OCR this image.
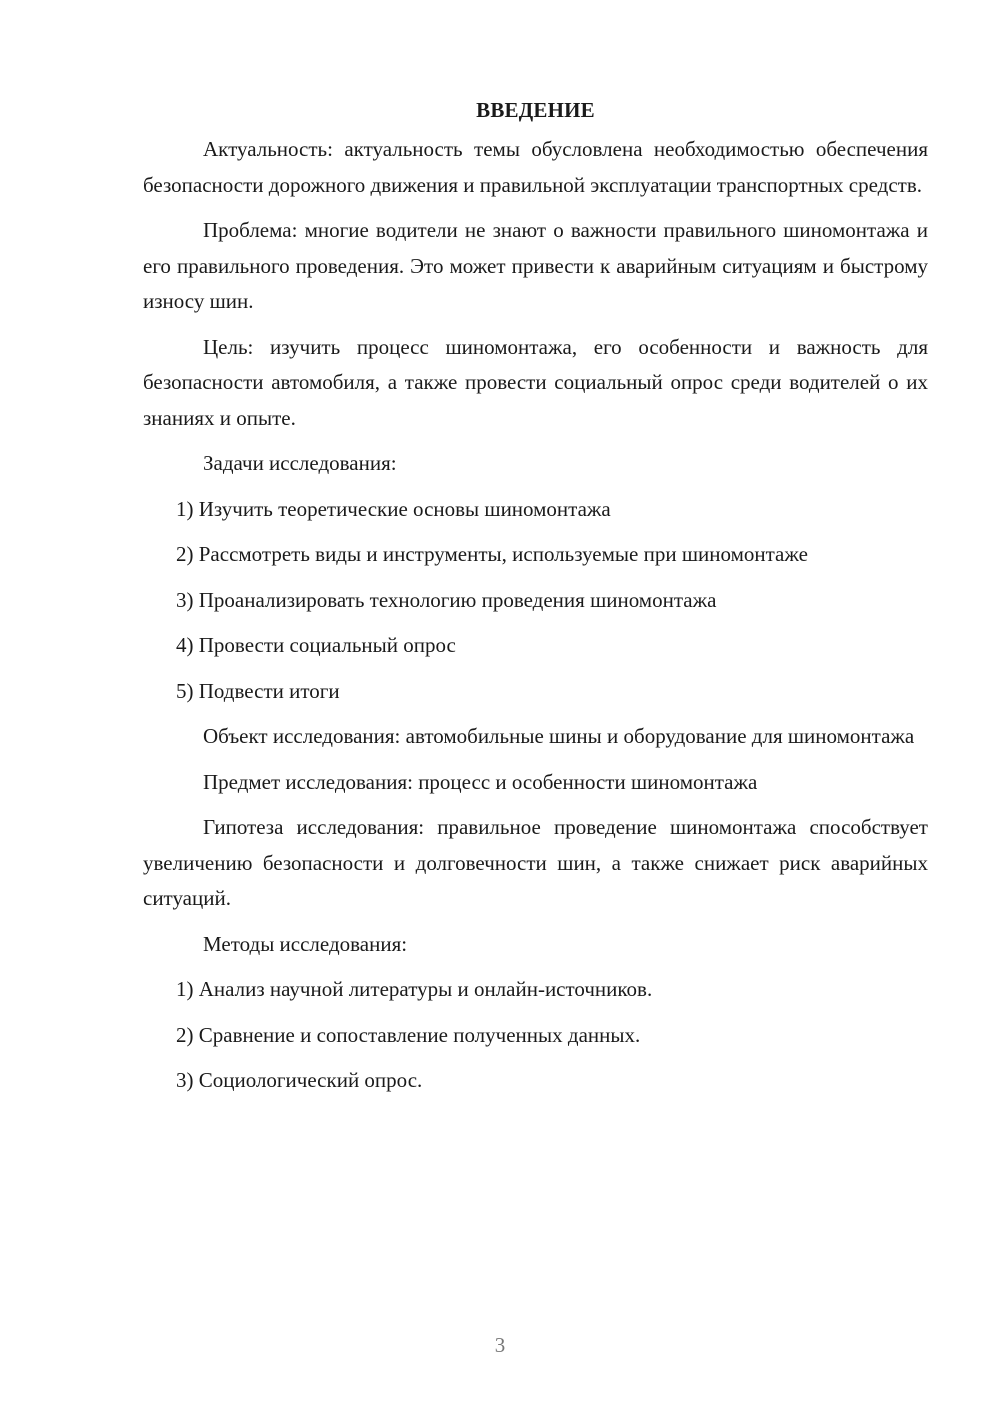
ВВЕДЕНИЕ

Актуальность: актуальность темы обусловлена необходимостью обеспечения безопасности дорожного движения и правильной эксплуатации транспортных средств.

Проблема: многие водители не знают о важности правильного шиномонтажа и его правильного проведения. Это может привести к аварийным ситуациям и быстрому износу шин.

Цель: изучить процесс шиномонтажа, его особенности и важность для безопасности автомобиля, а также провести социальный опрос среди водителей о их знаниях и опыте.

Задачи исследования:

1) Изучить теоретические основы шиномонтажа
2) Рассмотреть виды и инструменты, используемые при шиномонтаже
3) Проанализировать технологию проведения шиномонтажа
4) Провести социальный опрос
5) Подвести итоги

Объект исследования: автомобильные шины и оборудование для шиномонтажа

Предмет исследования: процесс и особенности шиномонтажа

Гипотеза исследования: правильное проведение шиномонтажа способствует увеличению безопасности и долговечности шин, а также снижает риск аварийных ситуаций.

Методы исследования:

1) Анализ научной литературы и онлайн-источников.
2) Сравнение и сопоставление полученных данных.
3) Социологический опрос.
3
